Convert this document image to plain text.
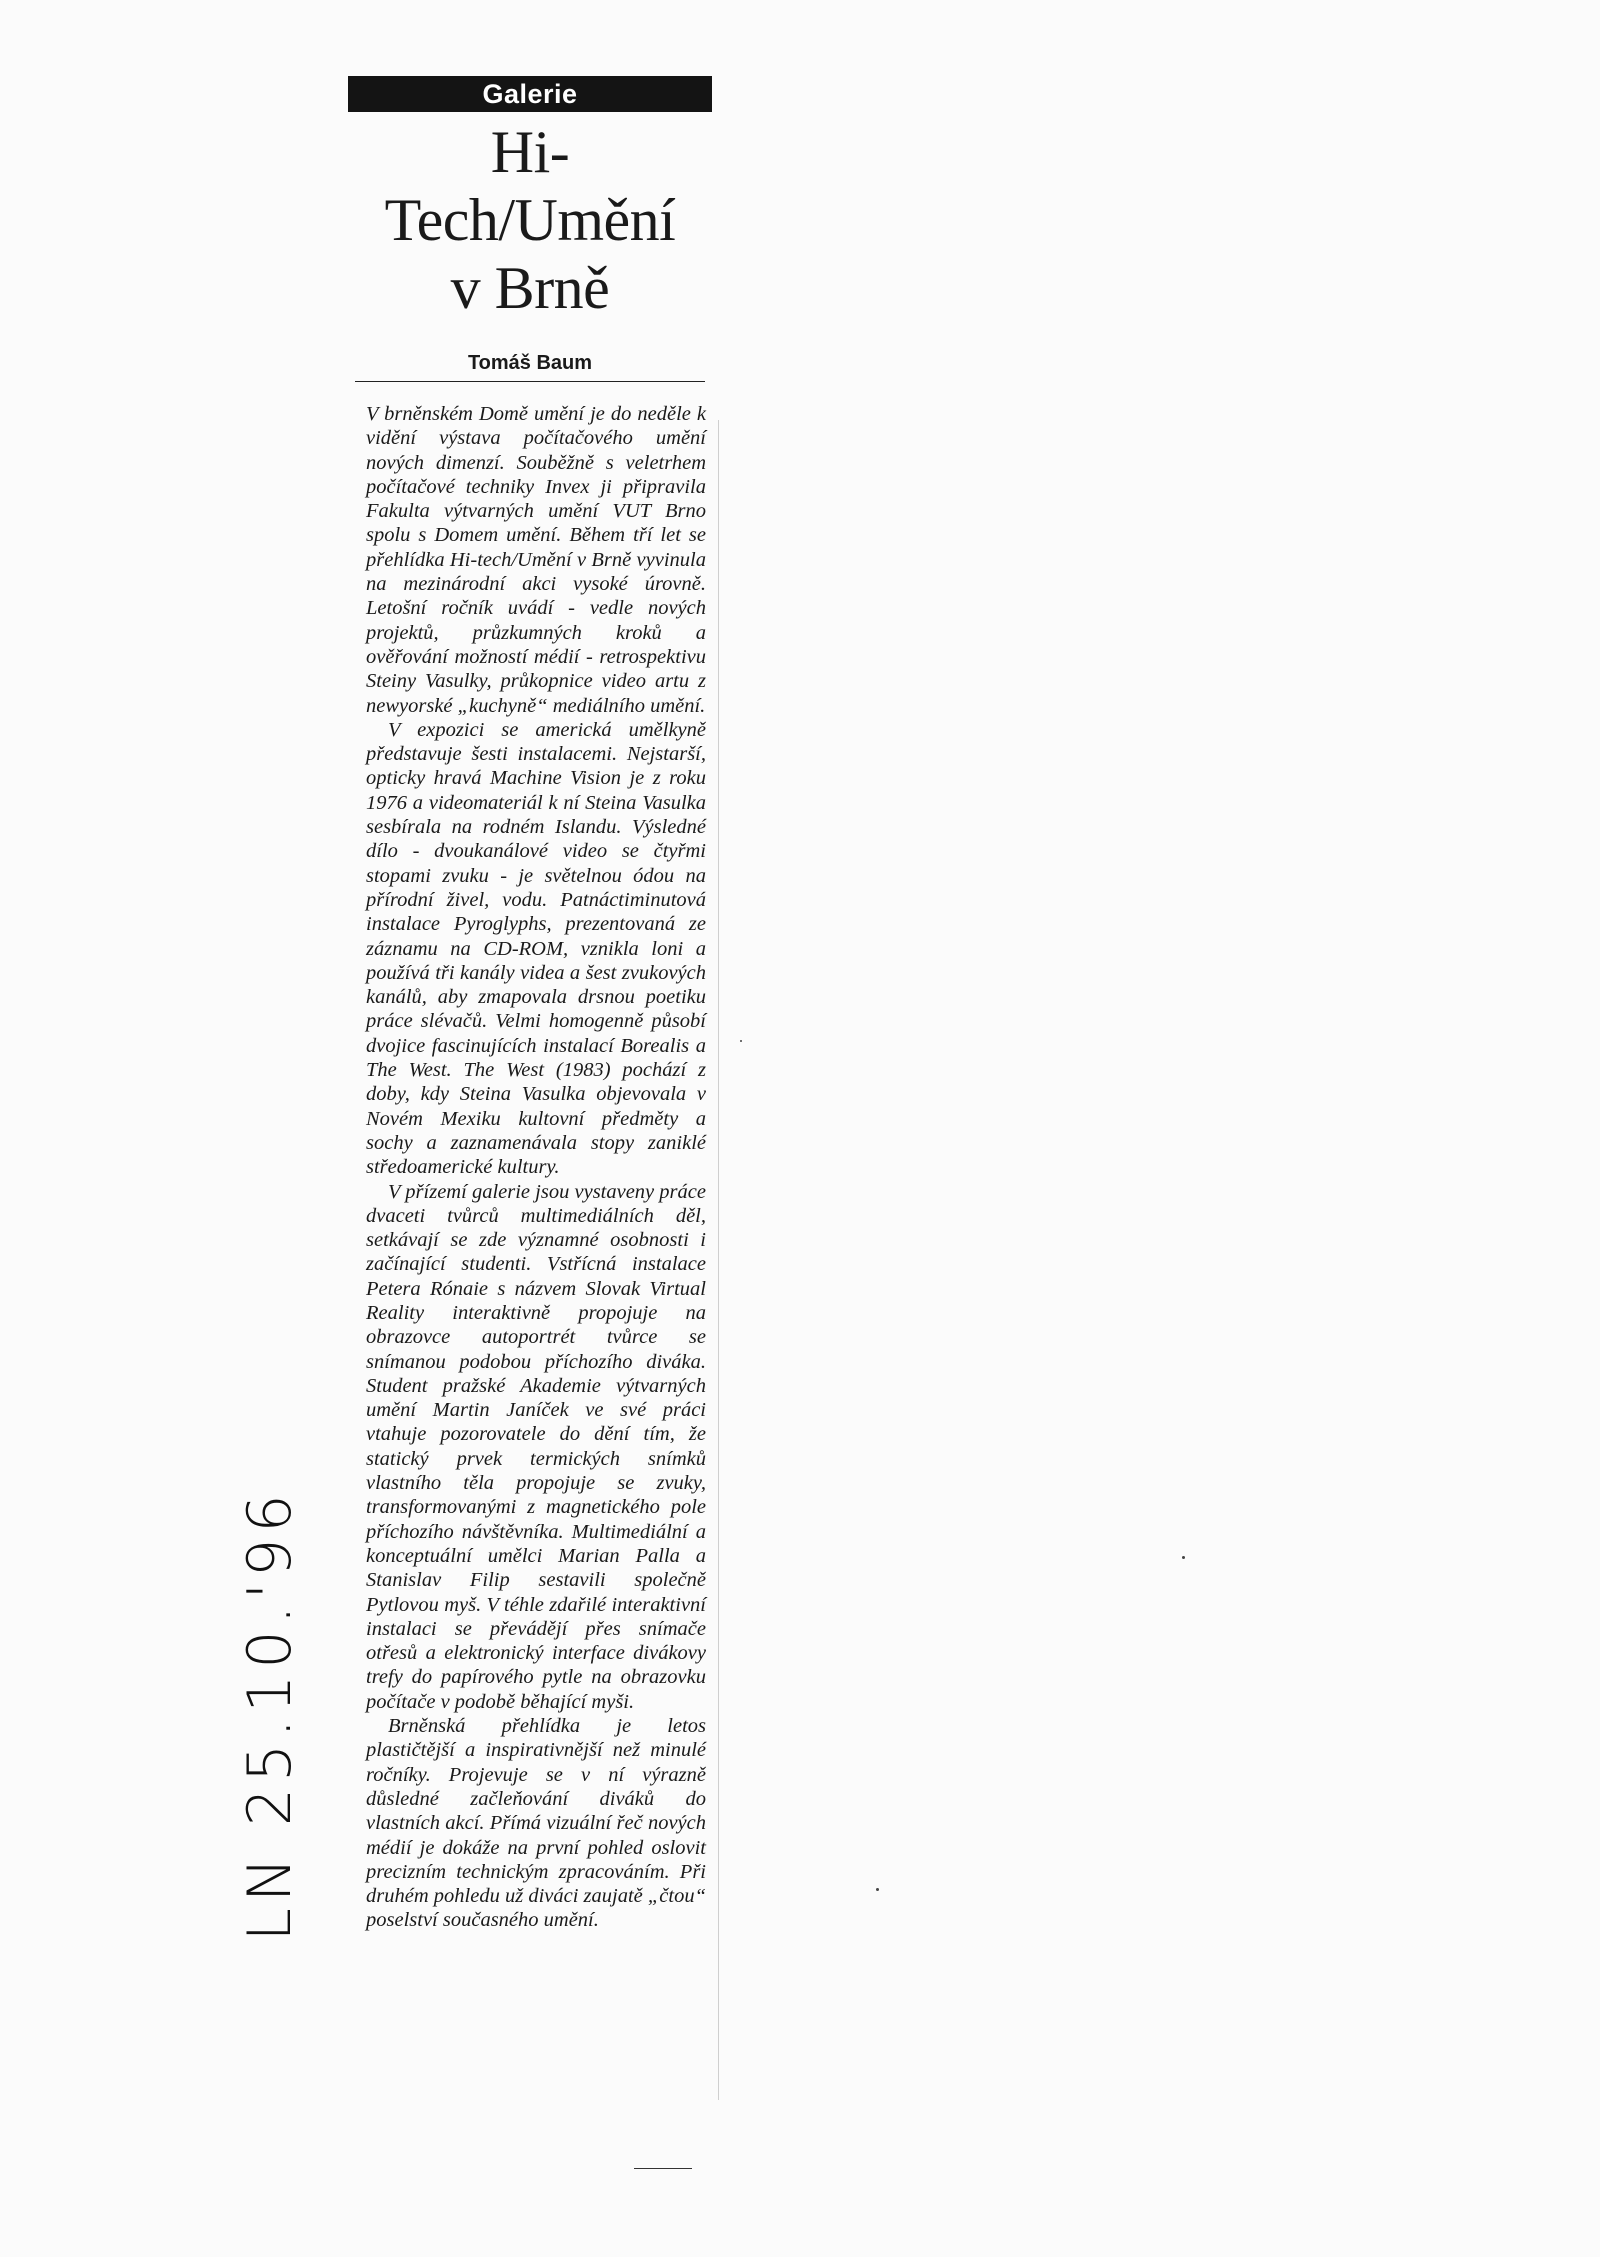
Galerie
Hi-Tech/Umění
v Brně
Tomáš Baum

V brněnském Domě umění je do neděle k vidění výstava počítačového umění nových dimenzí. Souběžně s veletrhem počítačové techniky Invex ji připravila Fakulta výtvarných umění VUT Brno spolu s Domem umění. Během tří let se přehlídka Hi-tech/Umění v Brně vyvinula na mezinárodní akci vysoké úrovně. Letošní ročník uvádí - vedle nových projektů, průzkumných kroků a ověřování možností médií - retrospektivu Steiny Vasulky, průkopnice video artu z newyorské „kuchyně“ mediálního umění.

V expozici se americká umělkyně představuje šesti instalacemi. Nejstarší, opticky hravá Machine Vision je z roku 1976 a videomateriál k ní Steina Vasulka sesbírala na rodném Islandu. Výsledné dílo - dvoukanálové video se čtyřmi stopami zvuku - je světelnou ódou na přírodní živel, vodu. Patnáctiminutová instalace Pyroglyphs, prezentovaná ze záznamu na CD-ROM, vznikla loni a používá tři kanály videa a šest zvukových kanálů, aby zmapovala drsnou poetiku práce slévačů. Velmi homogenně působí dvojice fascinujících instalací Borealis a The West. The West (1983) pochází z doby, kdy Steina Vasulka objevovala v Novém Mexiku kultovní předměty a sochy a zaznamenávala stopy zaniklé středoamerické kultury.

V přízemí galerie jsou vystaveny práce dvaceti tvůrců multimediálních děl, setkávají se zde významné osobnosti i začínající studenti. Vstřícná instalace Petera Rónaie s názvem Slovak Virtual Reality interaktivně propojuje na obrazovce autoportrét tvůrce se snímanou podobou příchozího diváka. Student pražské Akademie výtvarných umění Martin Janíček ve své práci vtahuje pozorovatele do dění tím, že statický prvek termických snímků vlastního těla propojuje se zvuky, transformovanými z magnetického pole příchozího návštěvníka. Multimediální a konceptuální umělci Marian Palla a Stanislav Filip sestavili společně Pytlovou myš. V téhle zdařilé interaktivní instalaci se převádějí přes snímače otřesů a elektronický interface divákovy trefy do papírového pytle na obrazovku počítače v podobě běhající myši.

Brněnská přehlídka je letos plastičtější a inspirativnější než minulé ročníky. Projevuje se v ní výrazně důsledné začleňování diváků do vlastních akcí. Přímá vizuální řeč nových médií je dokáže na první pohled oslovit precizním technickým zpracováním. Při druhém pohledu už diváci zaujatě „čtou“ poselství současného umění.

LN 25.10.'96
